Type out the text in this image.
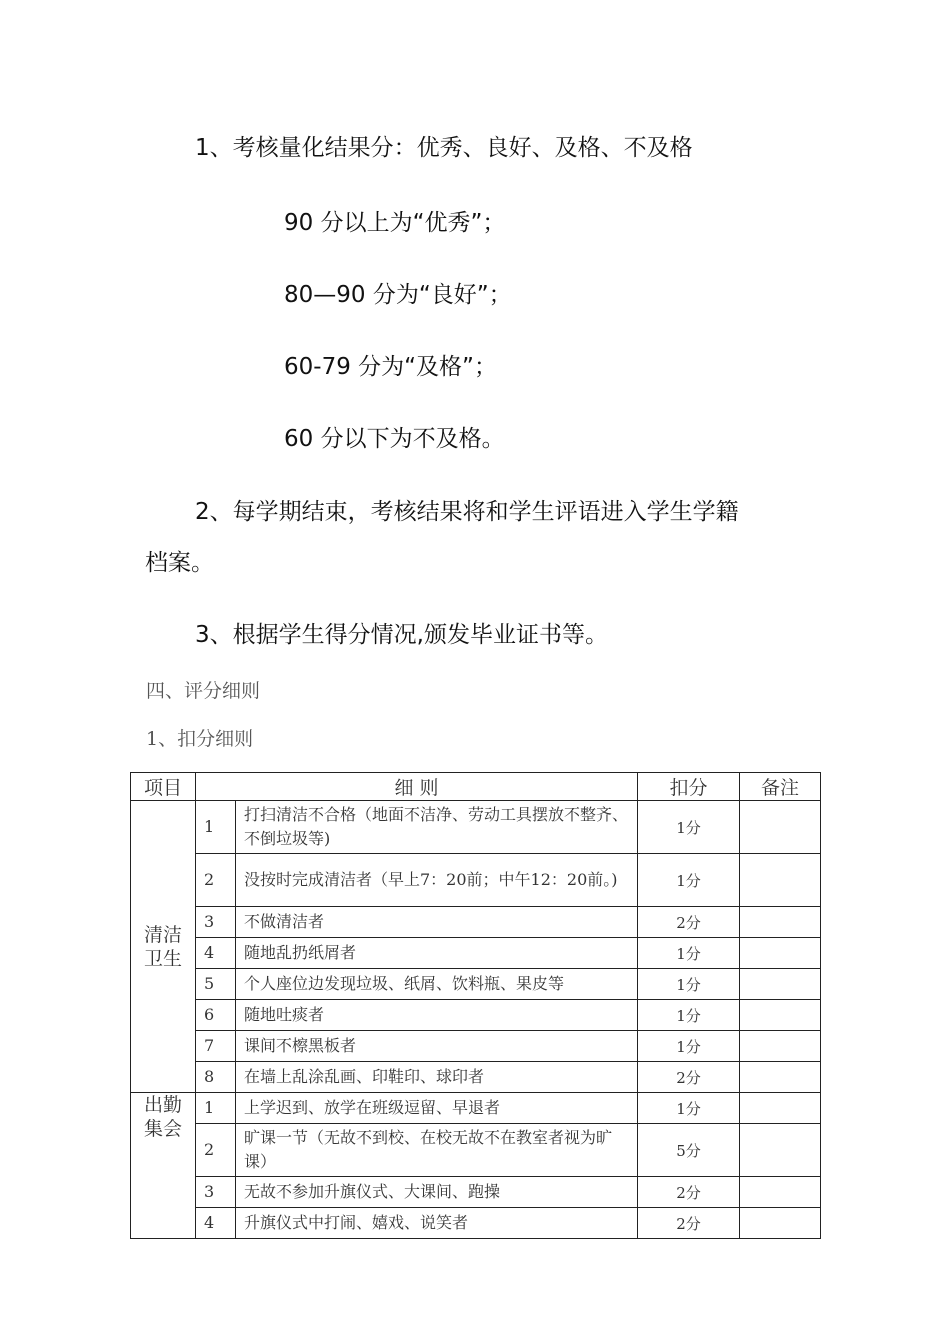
1、考核量化结果分：优秀、良好、及格、不及格
90 分以上为“优秀”；
80—90 分为“良好”；
60-79 分为“及格”；
60 分以下为不及格。
2、每学期结束，考核结果将和学生评语进入学生学籍
档案。
3、根据学生得分情况,颁发毕业证书等。
四、评分细则
1、扣分细则
项目	细 则		扣分	备注

清洁
卫生	1	打扫清洁不合格（地面不洁净、劳动工具摆放不整齐、不倒垃圾等)	1分	
	2	没按时完成清洁者（早上7：20前；中午12：20前。)	1分	
	3	不做清洁者	2分	
	4	随地乱扔纸屑者	1分	
	5	个人座位边发现垃圾、纸屑、饮料瓶、果皮等	1分	
	6	随地吐痰者	1分	
	7	课间不檫黑板者	1分	
	8	在墙上乱涂乱画、印鞋印、球印者	2分	

出勤
集会	1	上学迟到、放学在班级逗留、早退者	1分	
	2	旷课一节（无故不到校、在校无故不在教室者视为旷课）	5分	
	3	无故不参加升旗仪式、大课间、跑操	2分	
	4	升旗仪式中打闹、嬉戏、说笑者	2分	
